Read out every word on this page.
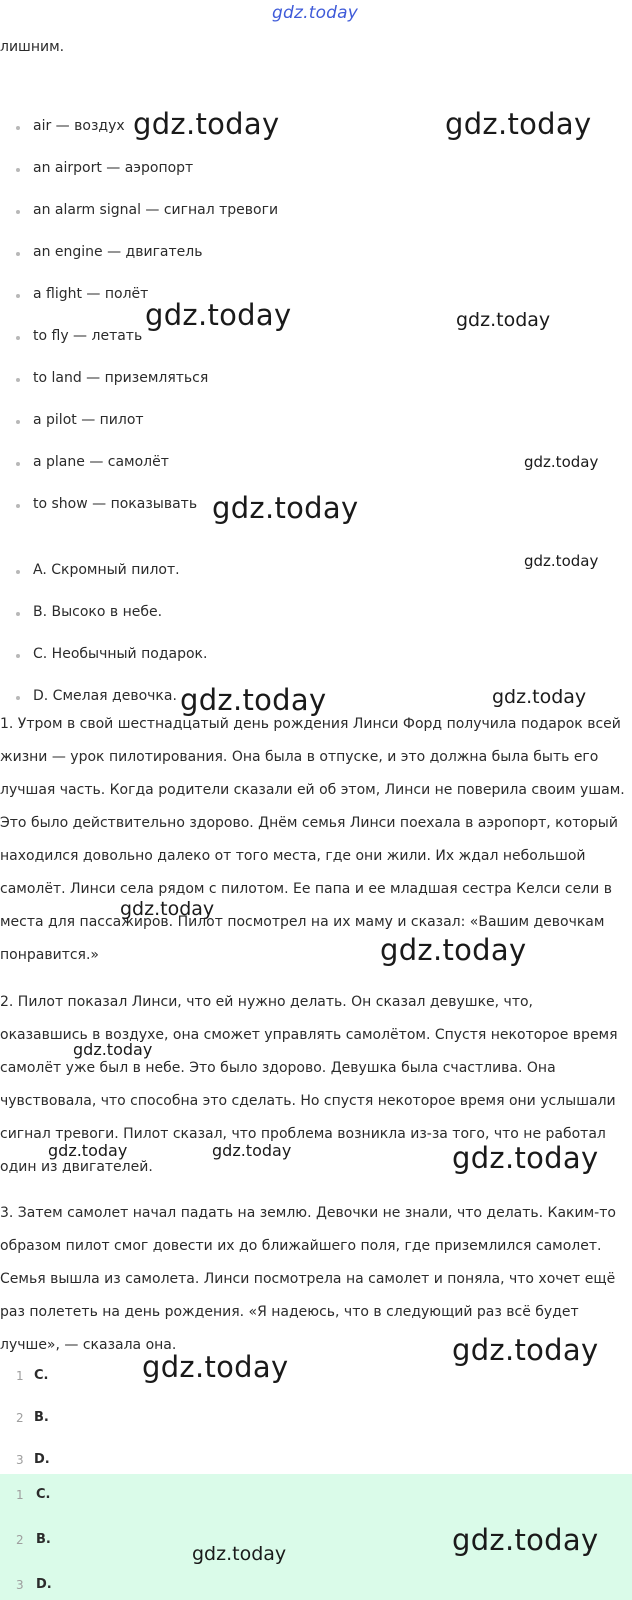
gdz.today
лишним.
air — воздух
an airport — аэропорт
an alarm signal — сигнал тревоги
an engine — двигатель
a flight — полёт
to fly — летать
to land — приземляться
a pilot — пилот
a plane — самолёт
to show — показывать
A. Скромный пилот.
B. Высоко в небе.
C. Необычный подарок.
D. Смелая девочка.

1. Утром в свой шестнадцатый день рождения Линси Форд получила подарок всей жизни — урок пилотирования. Она была в отпуске, и это должна была быть его лучшая часть. Когда родители сказали ей об этом, Линси не поверила своим ушам. Это было действительно здорово. Днём семья Линси поехала в аэропорт, который находился довольно далеко от того места, где они жили. Их ждал небольшой самолёт. Линси села рядом с пилотом. Ее папа и ее младшая сестра Келси сели в места для пассажиров. Пилот посмотрел на их маму и сказал: «Вашим девочкам понравится.»

2. Пилот показал Линси, что ей нужно делать. Он сказал девушке, что, оказавшись в воздухе, она сможет управлять самолётом. Спустя некоторое время самолёт уже был в небе. Это было здорово. Девушка была счастлива. Она чувствовала, что способна это сделать. Но спустя некоторое время они услышали сигнал тревоги. Пилот сказал, что проблема возникла из-за того, что не работал один из двигателей.

3. Затем самолет начал падать на землю. Девочки не знали, что делать. Каким-то образом пилот смог довести их до ближайшего поля, где приземлился самолет. Семья вышла из самолета. Линси посмотрела на самолет и поняла, что хочет ещё раз полететь на день рождения. «Я надеюсь, что в следующий раз всё будет лучше», — сказала она.

1 C.
2 B.
3 D.
1 C.
2 B.
3 D.
gdz.today	gdz.today
gdz.today	gdz.today
gdz.today
gdz.today
gdz.today
gdz.today	gdz.today
gdz.today
gdz.today
gdz.today
gdz.today	gdz.today	gdz.today
gdz.today
gdz.today
gdz.today
gdz.today
